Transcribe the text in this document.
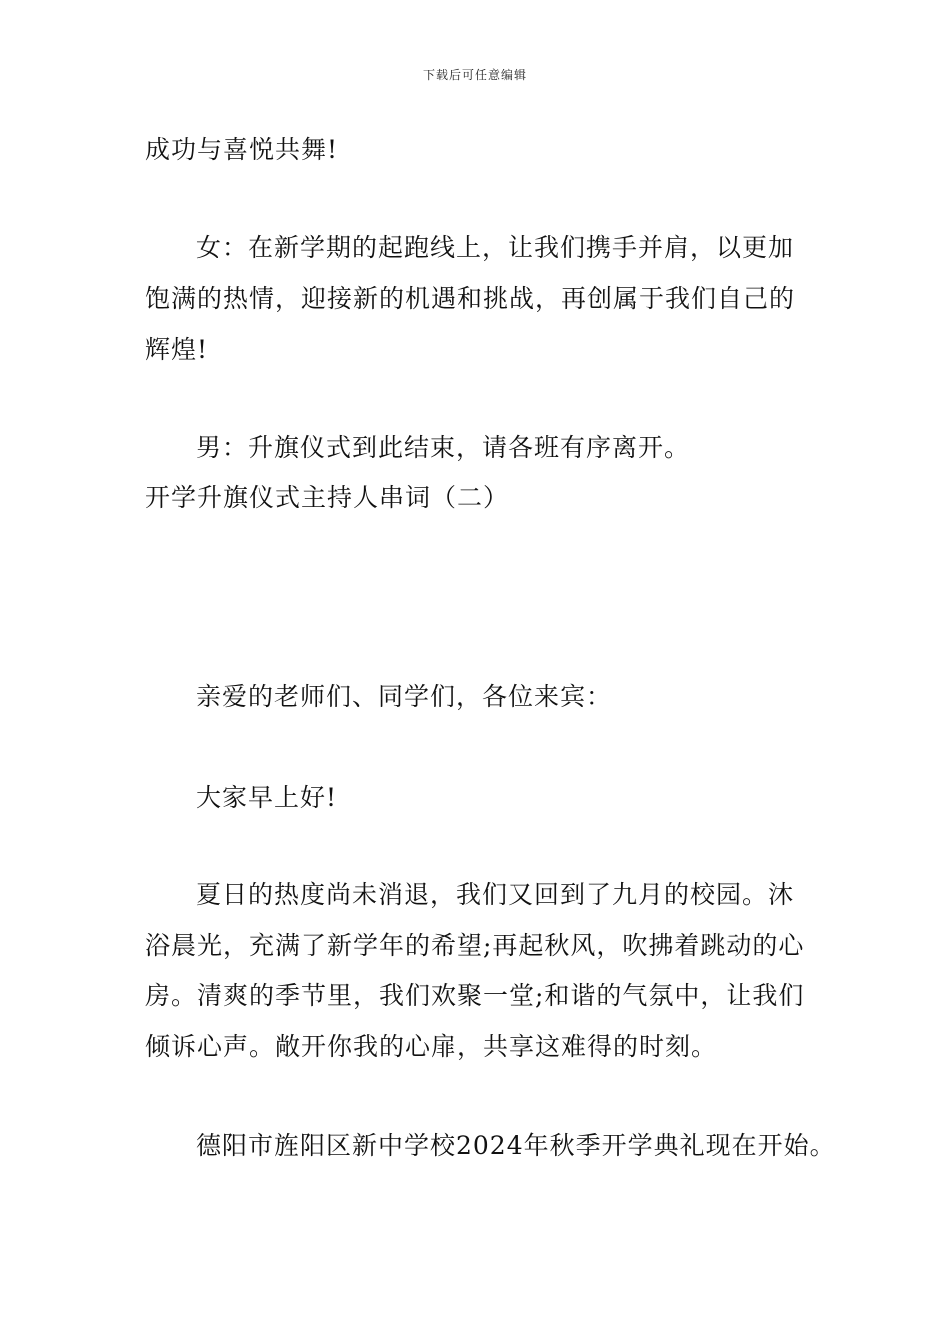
下载后可任意编辑
成功与喜悦共舞!
女：在新学期的起跑线上，让我们携手并肩，以更加
饱满的热情，迎接新的机遇和挑战，再创属于我们自己的
辉煌!
男：升旗仪式到此结束，请各班有序离开。
开学升旗仪式主持人串词（二）
亲爱的老师们、同学们，各位来宾：
大家早上好!
夏日的热度尚未消退，我们又回到了九月的校园。沐
浴晨光，充满了新学年的希望;再起秋风，吹拂着跳动的心
房。清爽的季节里，我们欢聚一堂;和谐的气氛中，让我们
倾诉心声。敞开你我的心扉，共享这难得的时刻。
德阳市旌阳区新中学校2024年秋季开学典礼现在开始。
